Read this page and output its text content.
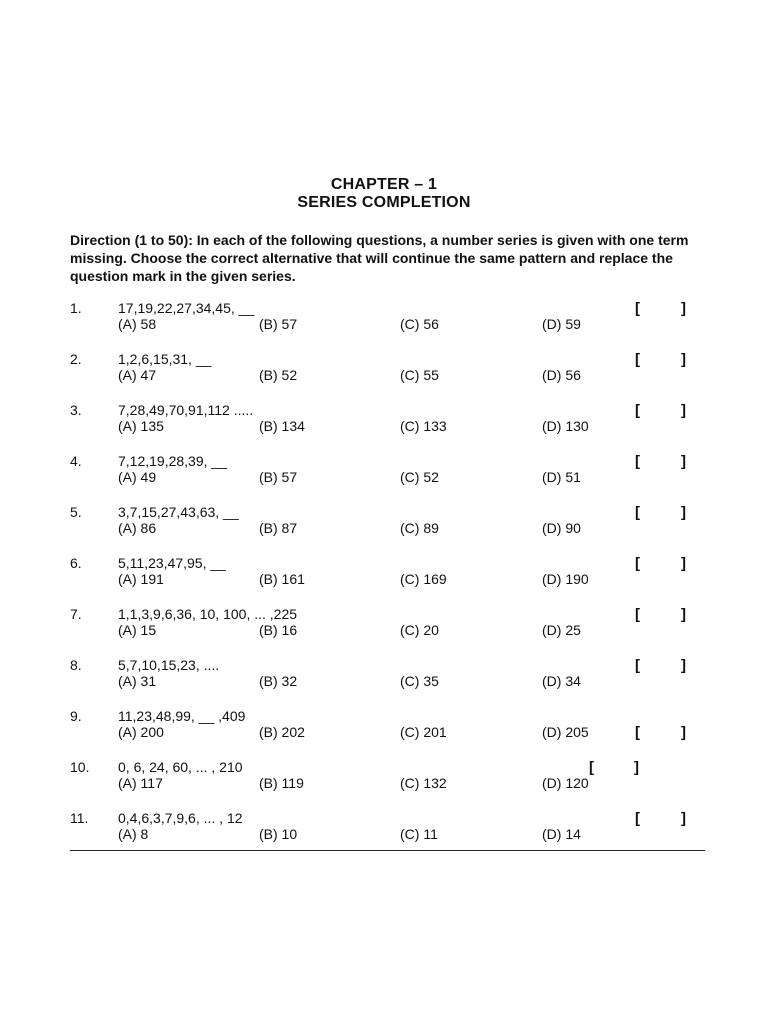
CHAPTER – 1
SERIES COMPLETION
Direction (1 to 50): In each of the following questions, a number series is given with one term missing. Choose the correct alternative that will continue the same pattern and replace the question mark in the given series.
1.	17,19,22,27,34,45, __
(A) 58	(B) 57	(C) 56	(D) 59
[	]
2.	1,2,6,15,31, __
(A) 47	(B) 52	(C) 55	(D) 56
[	]
3.	7,28,49,70,91,112 .....
(A) 135	(B) 134	(C) 133	(D) 130
[	]
4.	7,12,19,28,39, __
(A) 49	(B) 57	(C) 52	(D) 51
[	]
5.	3,7,15,27,43,63, __
(A) 86	(B) 87	(C) 89	(D) 90
[	]
6.	5,11,23,47,95, __
(A) 191	(B) 161	(C) 169	(D) 190
[	]
7.	1,1,3,9,6,36, 10, 100, ... ,225
(A) 15	(B) 16	(C) 20	(D) 25
[	]
8.	5,7,10,15,23, ....
(A) 31	(B) 32	(C) 35	(D) 34
[	]
9.	11,23,48,99, __ ,409
(A) 200	(B) 202	(C) 201	(D) 205	[	]
10. 0, 6, 24, 60, ... , 210
(A) 117	(B) 119	(C) 132	(D) 120
[	]
11. 0,4,6,3,7,9,6, ... , 12
(A) 8	(B) 10	(C) 11	(D) 14
[	]
